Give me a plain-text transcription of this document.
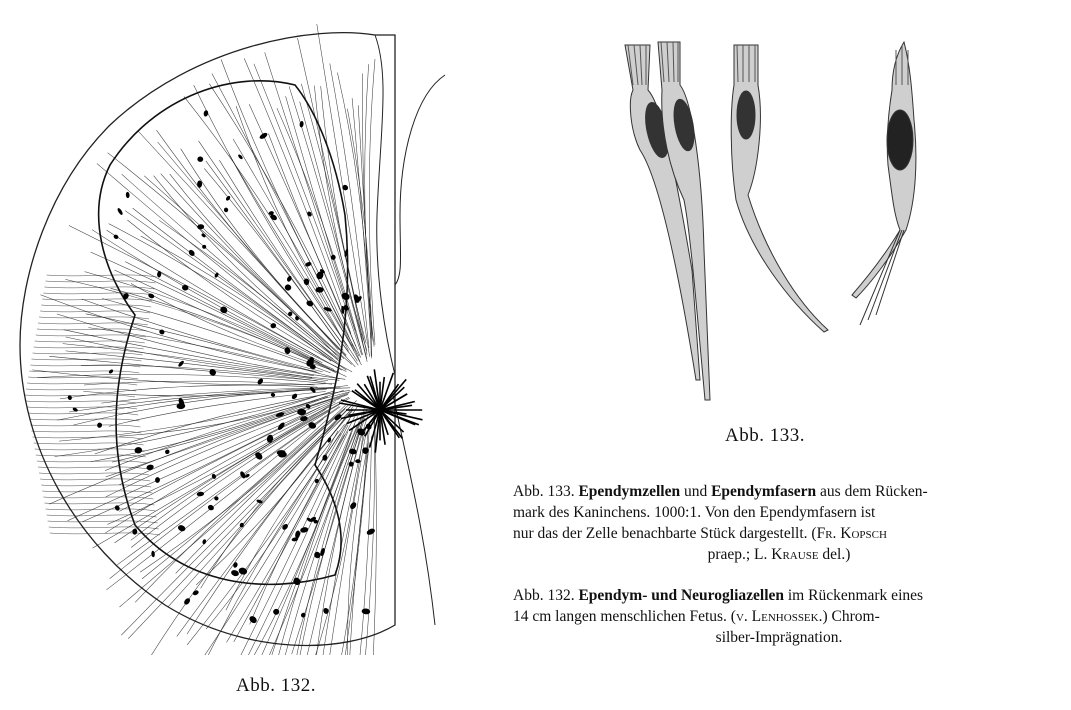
Abb. 132.
Abb. 133.
Abb. 133. Ependymzellen und Ependymfasern aus dem Rücken-
mark des Kaninchens. 1000:1. Von den Ependymfasern ist
nur das der Zelle benachbarte Stück dargestellt. (Fr. Kopsch
praep.; L. Krause del.)
Abb. 132. Ependym- und Neurogliazellen im Rückenmark eines
14 cm langen menschlichen Fetus. (v. Lenhossek.) Chrom-
silber-Imprägnation.
